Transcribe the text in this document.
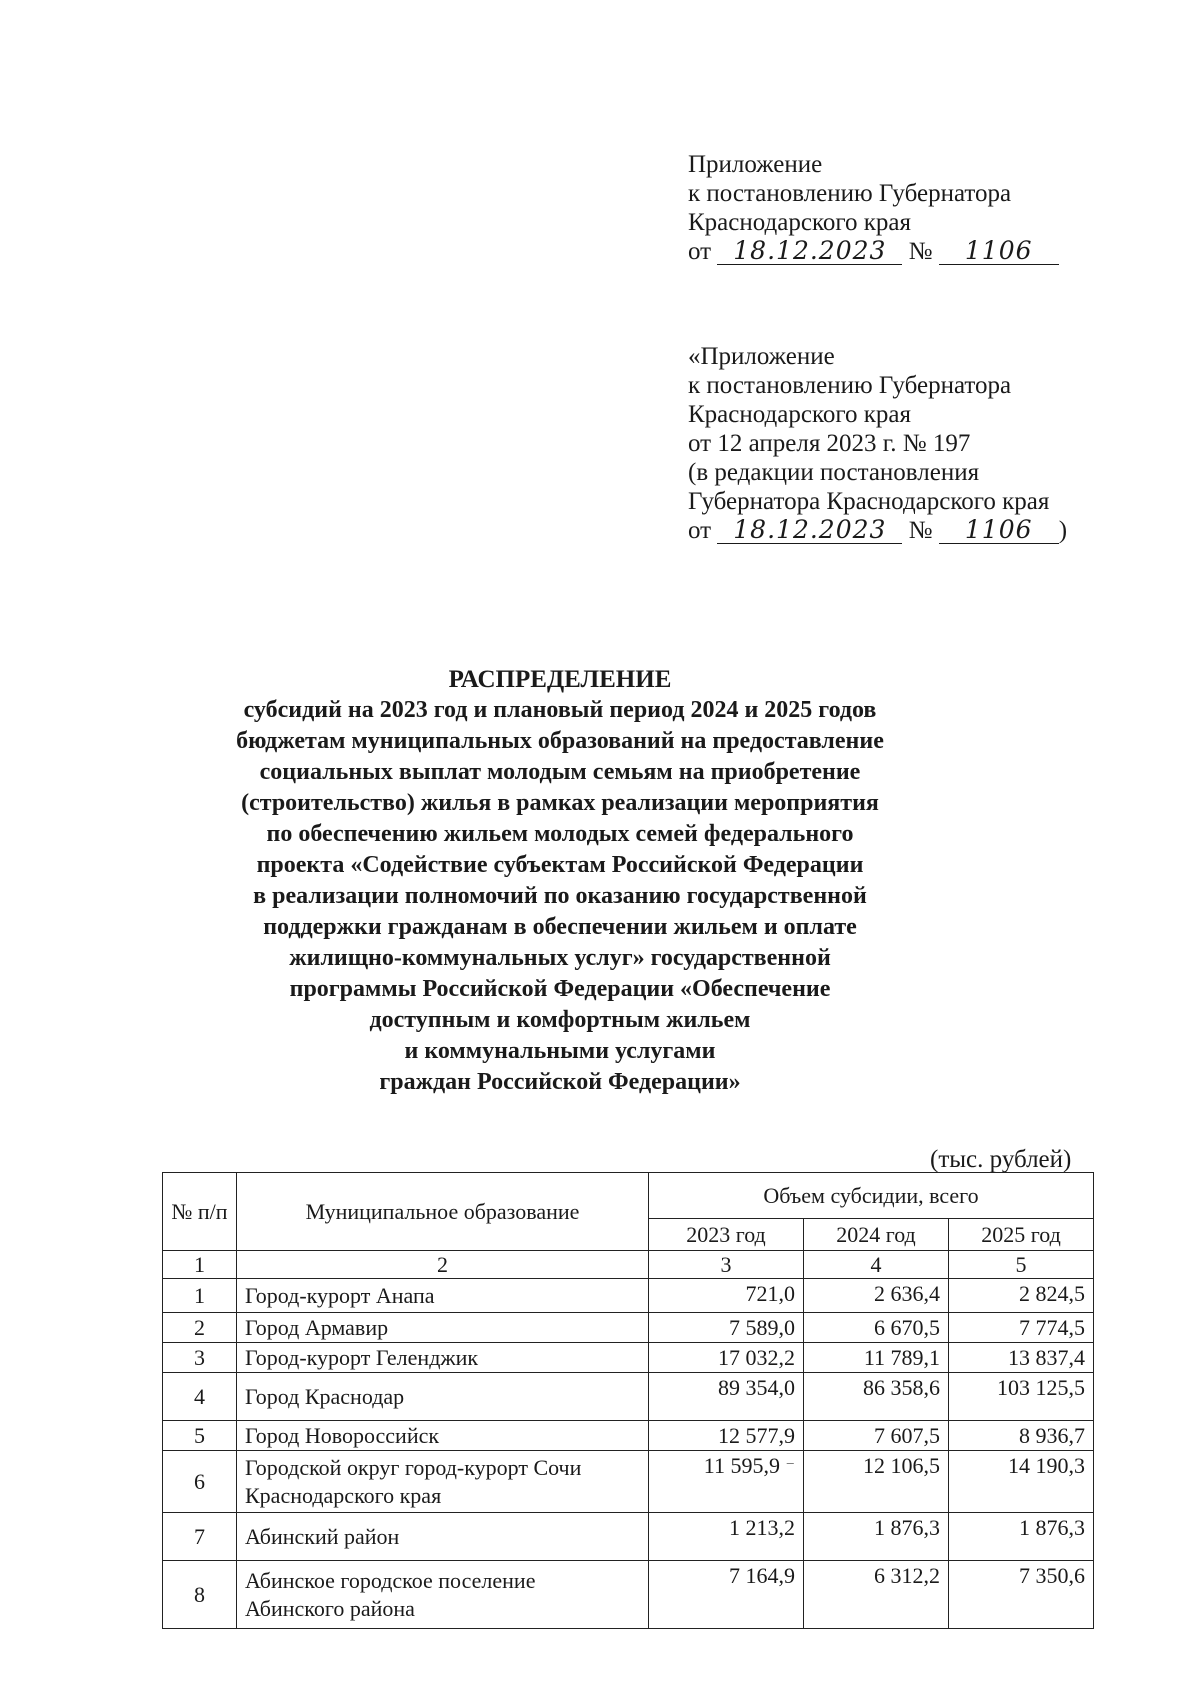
Приложение
к постановлению Губернатора
Краснодарского края
от 18.12.2023 № 1106
«Приложение
к постановлению Губернатора
Краснодарского края
от 12 апреля 2023 г. № 197
(в редакции постановления
Губернатора Краснодарского края
от 18.12.2023 № 1106 )
РАСПРЕДЕЛЕНИЕ
субсидий на 2023 год и плановый период 2024 и 2025 годов
бюджетам муниципальных образований на предоставление
социальных выплат молодым семьям на приобретение
(строительство) жилья в рамках реализации мероприятия
по обеспечению жильем молодых семей федерального
проекта «Содействие субъектам Российской Федерации
в реализации полномочий по оказанию государственной
поддержки гражданам в обеспечении жильем и оплате
жилищно-коммунальных услуг» государственной
программы Российской Федерации «Обеспечение
доступным и комфортным жильем
и коммунальными услугами
граждан Российской Федерации»
(тыс. рублей)
№ п/п	Муниципальное образование	Объем субсидии, всего		
		2023 год	2024 год	2025 год
1	2	3	4	5
1	Город-курорт Анапа	721,0	2 636,4	2 824,5
2	Город Армавир	7 589,0	6 670,5	7 774,5
3	Город-курорт Геленджик	17 032,2	11 789,1	13 837,4
4	Город Краснодар	89 354,0	86 358,6	103 125,5
5	Город Новороссийск	12 577,9	7 607,5	8 936,7
6	Городской округ город-курорт Сочи Краснодарского края	11 595,9 ⁻	12 106,5	14 190,3
7	Абинский район	1 213,2	1 876,3	1 876,3
8	Абинское городское поселение Абинского района	7 164,9	6 312,2	7 350,6
